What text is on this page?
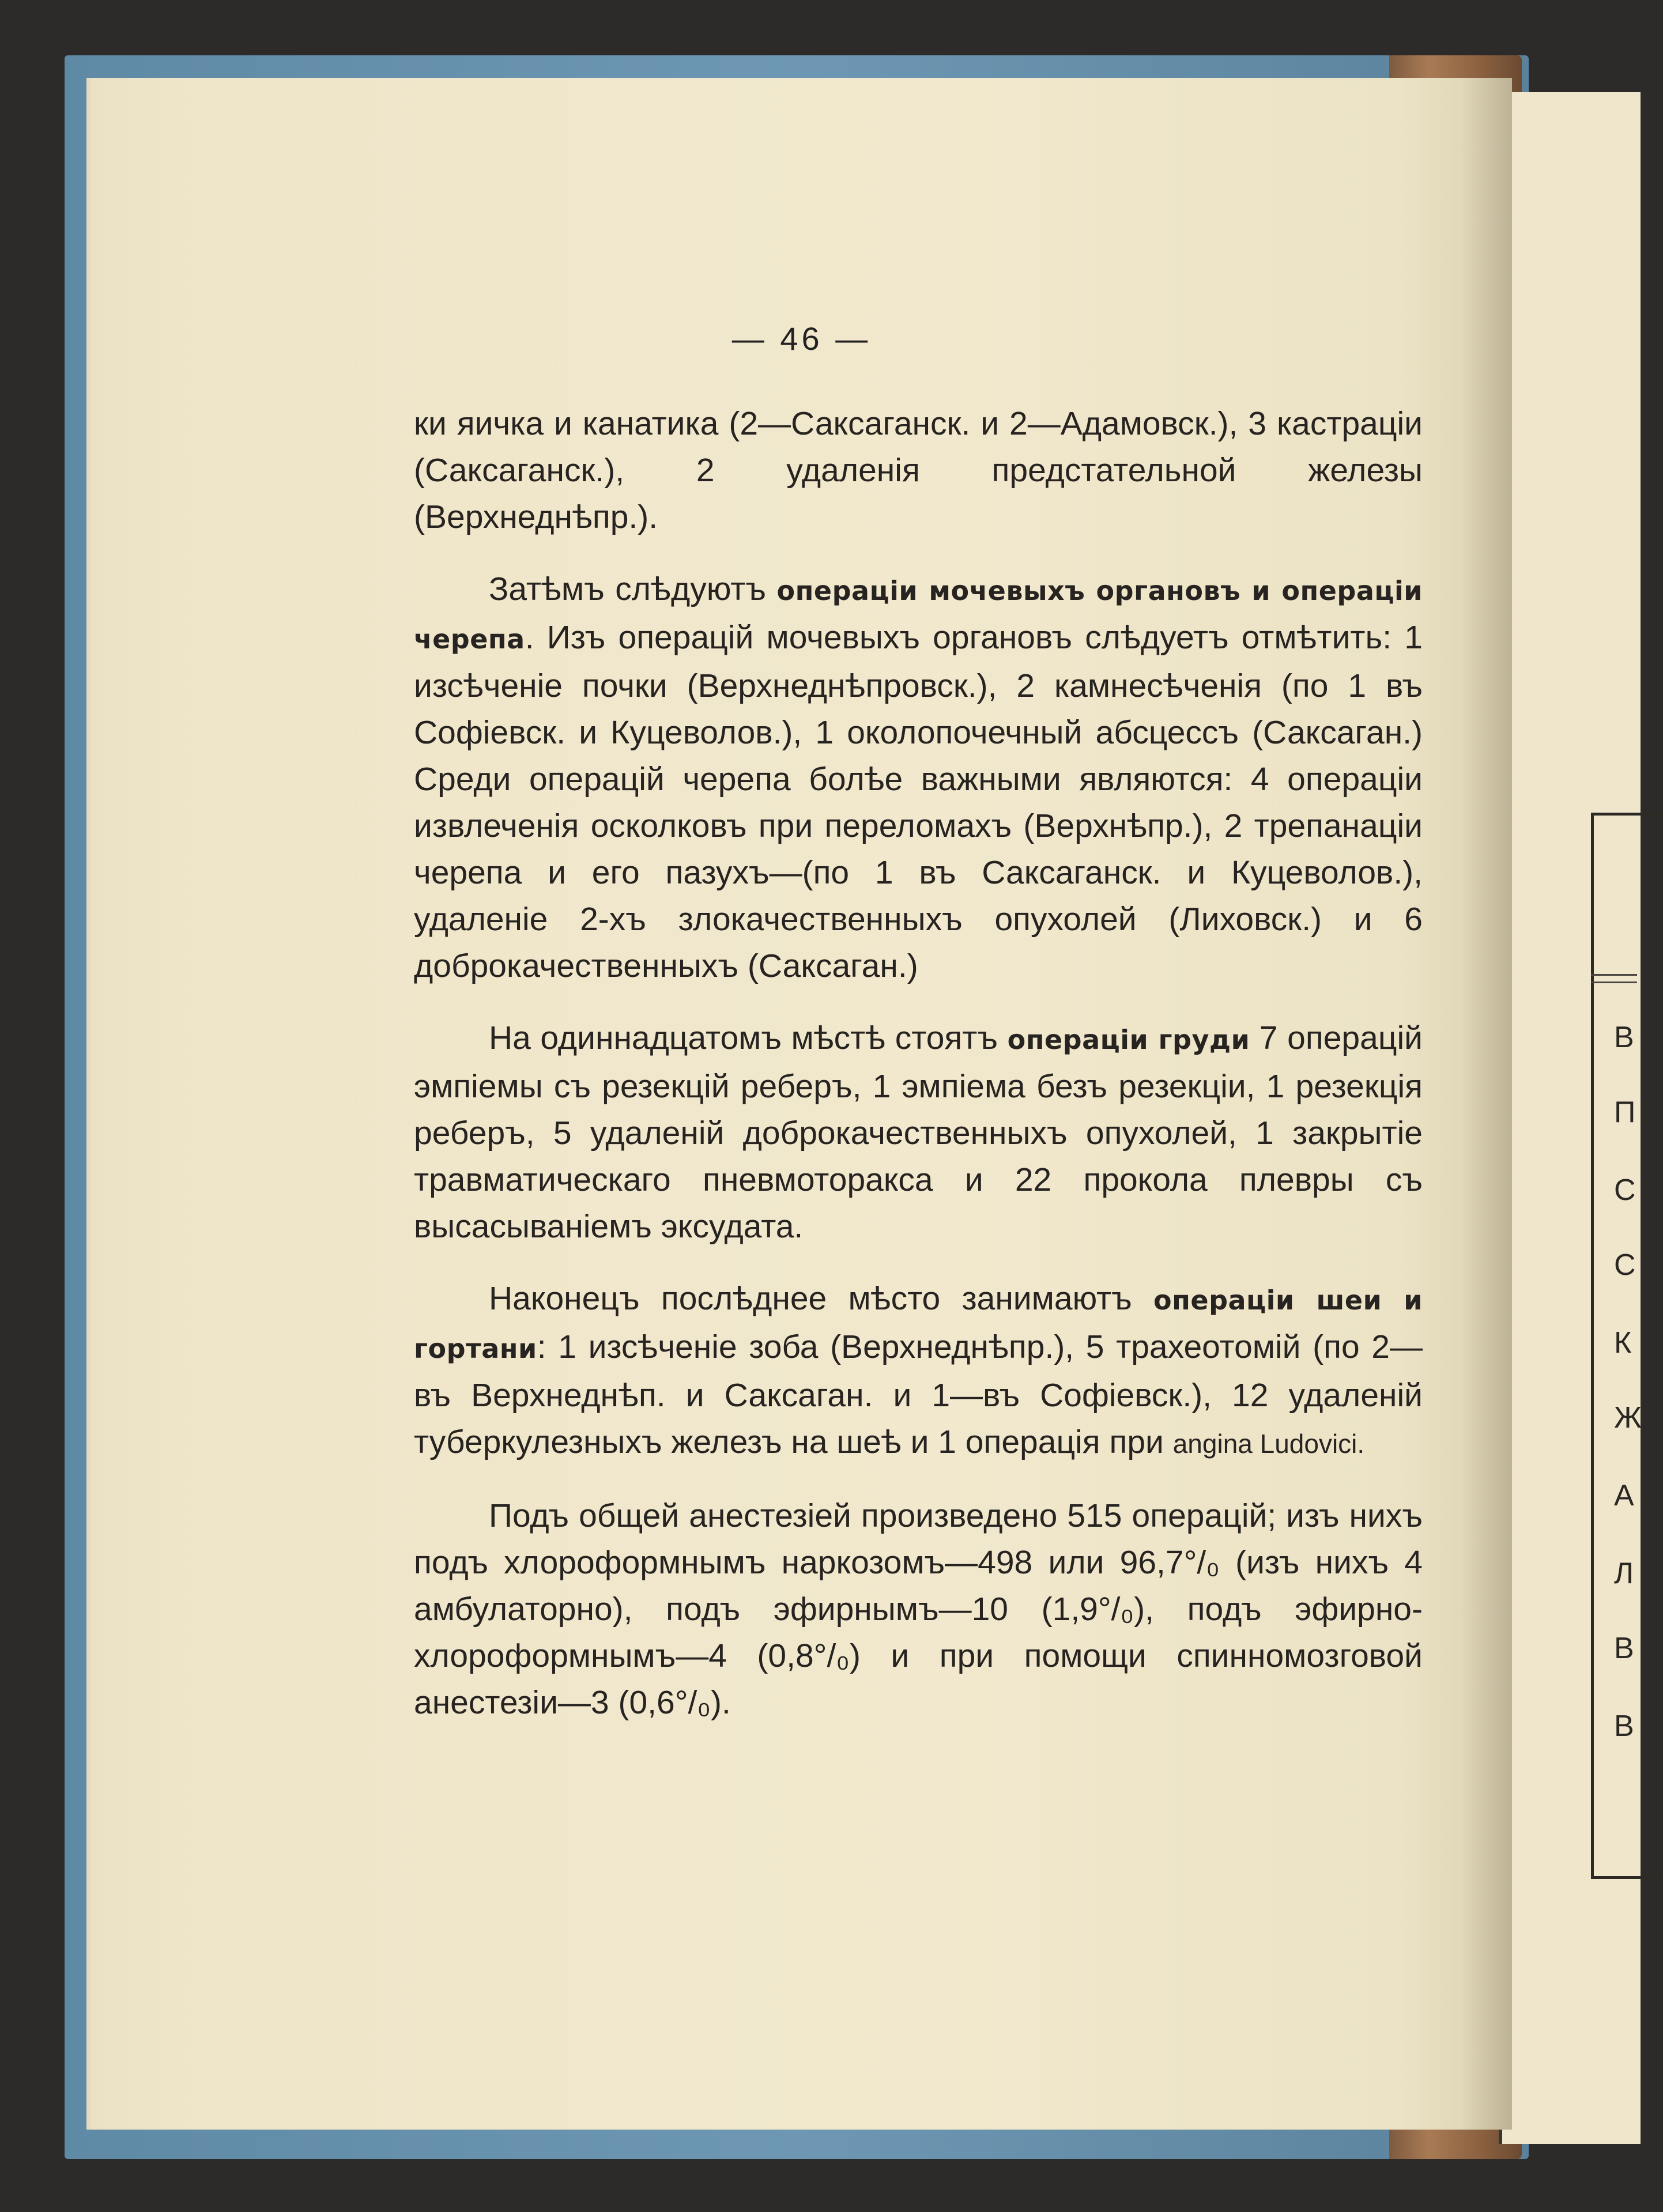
В
П
С
С
К
Ж
А
Л
В
В
— 46 —

ки яичка и канатика (2—Саксаганск. и 2—Адамовск.), 3 кастраціи (Саксаганск.), 2 удаленія предстательной железы (Верхнеднѣпр.).

Затѣмъ слѣдуютъ операціи мочевыхъ органовъ и операціи черепа. Изъ операцій мочевыхъ органовъ слѣдуетъ отмѣтить: 1 изсѣченіе почки (Верхнеднѣпровск.), 2 камнесѣченія (по 1 въ Софіевск. и Куцеволов.), 1 околопочечный абсцессъ (Саксаган.) Среди операцій черепа болѣе важными являются: 4 операціи извлеченія осколковъ при переломахъ (Верхнѣпр.), 2 трепанаціи черепа и его пазухъ—(по 1 въ Саксаганск. и Куцеволов.), удаленіе 2-хъ злокачественныхъ опухолей (Лиховск.) и 6 доброкачественныхъ (Саксаган.)

На одиннадцатомъ мѣстѣ стоятъ операціи груди 7 операцій эмпіемы съ резекцій реберъ, 1 эмпіема безъ резекціи, 1 резекція реберъ, 5 удаленій доброкачественныхъ опухолей, 1 закрытіе травматическаго пневмоторакса и 22 прокола плевры съ высасываніемъ эксудата.

Наконецъ послѣднее мѣсто занимаютъ операціи шеи и гортани: 1 изсѣченіе зоба (Верхнеднѣпр.), 5 трахеотомій (по 2—въ Верхнеднѣп. и Саксаган. и 1—въ Софіевск.), 12 удаленій туберкулезныхъ железъ на шеѣ и 1 операція при angina Ludovici.

Подъ общей анестезіей произведено 515 операцій; изъ нихъ подъ хлороформнымъ наркозомъ—498 или 96,7°/₀ (изъ нихъ 4 амбулаторно), подъ эфирнымъ—10 (1,9°/₀), подъ эфирно-хлороформнымъ—4 (0,8°/₀) и при помощи спинномозговой анестезіи—3 (0,6°/₀).
